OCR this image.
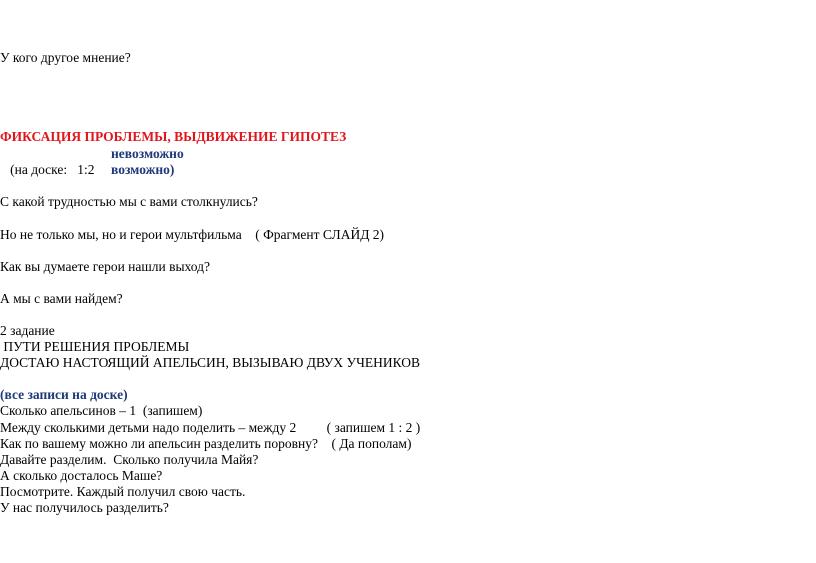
У кого другое мнение?
ФИКСАЦИЯ ПРОБЛЕМЫ, ВЫДВИЖЕНИЕ ГИПОТЕЗ

(на доске:   1:2

невозможно
возможно)
С какой трудностью мы с вами столкнулись?
Но не только мы, но и герои мультфильма    ( Фрагмент СЛАЙД 2)
Как вы думаете герои нашли выход?
А мы с вами найдем?
2 задание
ПУТИ РЕШЕНИЯ ПРОБЛЕМЫ
ДОСТАЮ НАСТОЯЩИЙ АПЕЛЬСИН, ВЫЗЫВАЮ ДВУХ УЧЕНИКОВ
(все записи на доске)
Сколько апельсинов – 1  (запишем)
Между сколькими детьми надо поделить – между 2         ( запишем 1 : 2 )
Как по вашему можно ли апельсин разделить поровну?    ( Да пополам)
Давайте разделим.  Сколько получила Майя?
А сколько досталось Маше?
Посмотрите. Каждый получил свою часть.
У нас получилось разделить?
